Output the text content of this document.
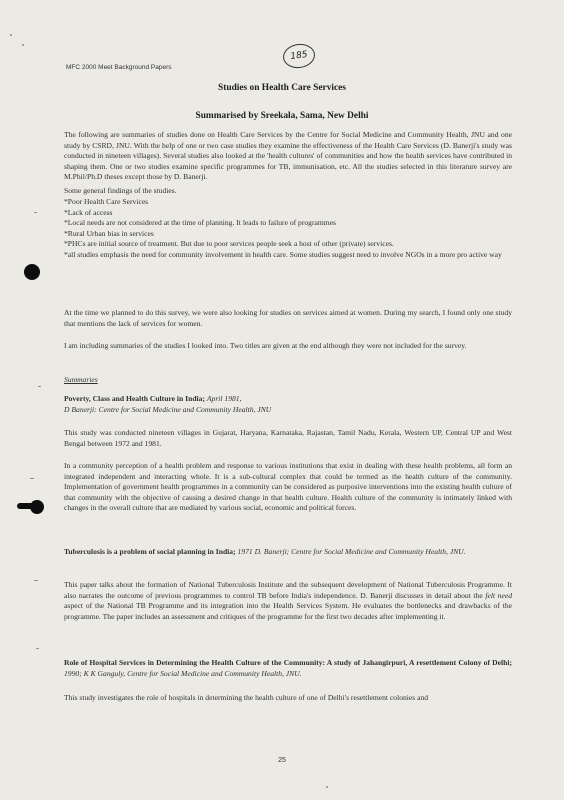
MFC 2000 Meet Background Papers
185
Studies on Health Care Services
Summarised by Sreekala, Sama, New Delhi

The following are summaries of studies done on Health Care Services by the Centre for Social Medicine and Community Health, JNU and one study by CSRD, JNU. With the help of one or two case studies they examine the effectiveness of the Health Care Services (D. Banerji's study was conducted in nineteen villages). Several studies also looked at the 'health cultures' of communities and how the health services have contributed in shaping them. One or two studies examine specific programmes for TB, immunisation, etc. All the studies selected in this literature survey are M.Phil/Ph.D theses except those by D. Banerji.

Some general findings of the studies.
*Poor Health Care Services
*Lack of access
*Local needs are not considered at the time of planning. It leads to failure of programmes
*Rural Urban bias in services
*PHCs are initial source of treatment. But due to poor services people seek a host of other (private) services.
*all studies emphasis the need for community involvement in health care. Some studies suggest need to involve NGOs in a more pro active way
At the time we planned to do this survey, we were also looking for studies on services aimed at women. During my search, I found only one study that mentions the lack of services for women.
I am including summaries of the studies I looked into. Two titles are given at the end although they were not included for the survey.
Summaries
Poverty, Class and Health Culture in India; April 1981,
D Banerji: Centre for Social Medicine and Community Health, JNU
This study was conducted nineteen villages in Gujarat, Haryana, Karnataka, Rajastan, Tamil Nadu, Kerala, Western UP, Central UP and West Bengal between 1972 and 1981.
In a community perception of a health problem and response to various institutions that exist in dealing with these health problems, all form an integrated independent and interacting whole. It is a sub-cultural complex that could be termed as the health culture of the community. Implementation of government health programmes in a community can be considered as purposive interventions into the existing health culture of that community with the objective of causing a desired change in that health culture. Health culture of the community is intimately linked with changes in the overall culture that are mediated by various social, economic and political forces.
Tuberculosis is a problem of social planning in India; 1971 D. Banerji; Centre for Social Medicine and Community Health, JNU.
This paper talks about the formation of National Tuberculosis Institute and the subsequent development of National Tuberculosis Programme. It also narrates the outcome of previous programmes to control TB before India's independence. D. Banerji discusses in detail about the felt need aspect of the National TB Programme and its integration into the Health Services System. He evaluates the bottlenecks and drawbacks of the programme. The paper includes an assessment and critiques of the programme for the first two decades after implementing it.
Role of Hospital Services in Determining the Health Culture of the Community: A study of Jahangirpuri, A resettlement Colony of Delhi; 1990; K K Ganguly, Centre for Social Medicine and Community Health, JNU.
This study investigates the role of hospitals in determining the health culture of one of Delhi's resettlement colonies and
25
